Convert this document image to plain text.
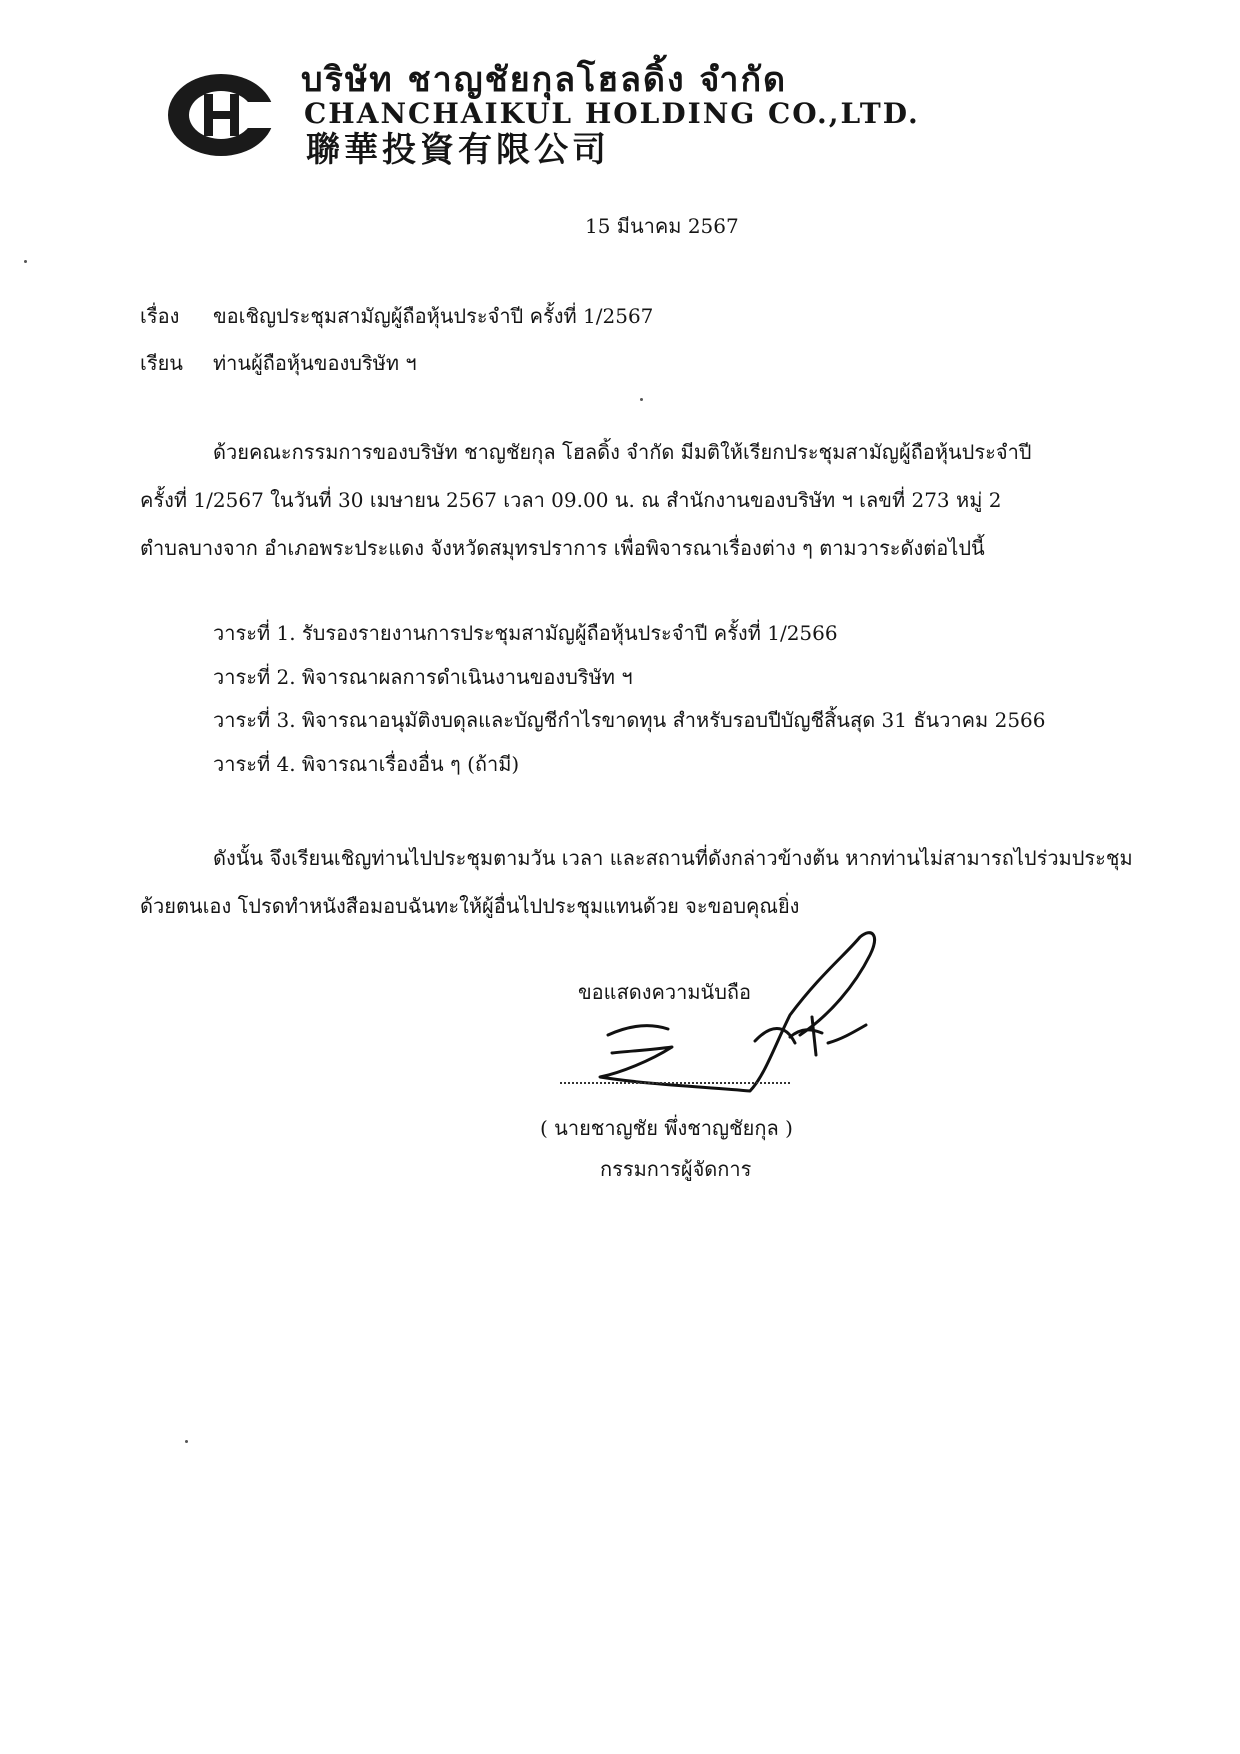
บริษัท ชาญชัยกุลโฮลดิ้ง จำกัด
CHANCHAIKUL HOLDING CO.,LTD.
聯華投資有限公司
15 มีนาคม 2567
เรื่อง ขอเชิญประชุมสามัญผู้ถือหุ้นประจำปี ครั้งที่ 1/2567
เรียน ท่านผู้ถือหุ้นของบริษัท ฯ
ด้วยคณะกรรมการของบริษัท ชาญชัยกุล โฮลดิ้ง จำกัด มีมติให้เรียกประชุมสามัญผู้ถือหุ้นประจำปี
ครั้งที่ 1/2567 ในวันที่ 30 เมษายน 2567 เวลา 09.00 น. ณ สำนักงานของบริษัท ฯ เลขที่ 273 หมู่ 2
ตำบลบางจาก อำเภอพระประแดง จังหวัดสมุทรปราการ เพื่อพิจารณาเรื่องต่าง ๆ ตามวาระดังต่อไปนี้
วาระที่ 1. รับรองรายงานการประชุมสามัญผู้ถือหุ้นประจำปี ครั้งที่ 1/2566
วาระที่ 2. พิจารณาผลการดำเนินงานของบริษัท ฯ
วาระที่ 3. พิจารณาอนุมัติงบดุลและบัญชีกำไรขาดทุน สำหรับรอบปีบัญชีสิ้นสุด 31 ธันวาคม 2566
วาระที่ 4. พิจารณาเรื่องอื่น ๆ (ถ้ามี)
ดังนั้น จึงเรียนเชิญท่านไปประชุมตามวัน เวลา และสถานที่ดังกล่าวข้างต้น หากท่านไม่สามารถไปร่วมประชุม
ด้วยตนเอง โปรดทำหนังสือมอบฉันทะให้ผู้อื่นไปประชุมแทนด้วย จะขอบคุณยิ่ง
ขอแสดงความนับถือ
( นายชาญชัย พึ่งชาญชัยกุล )
กรรมการผู้จัดการ
